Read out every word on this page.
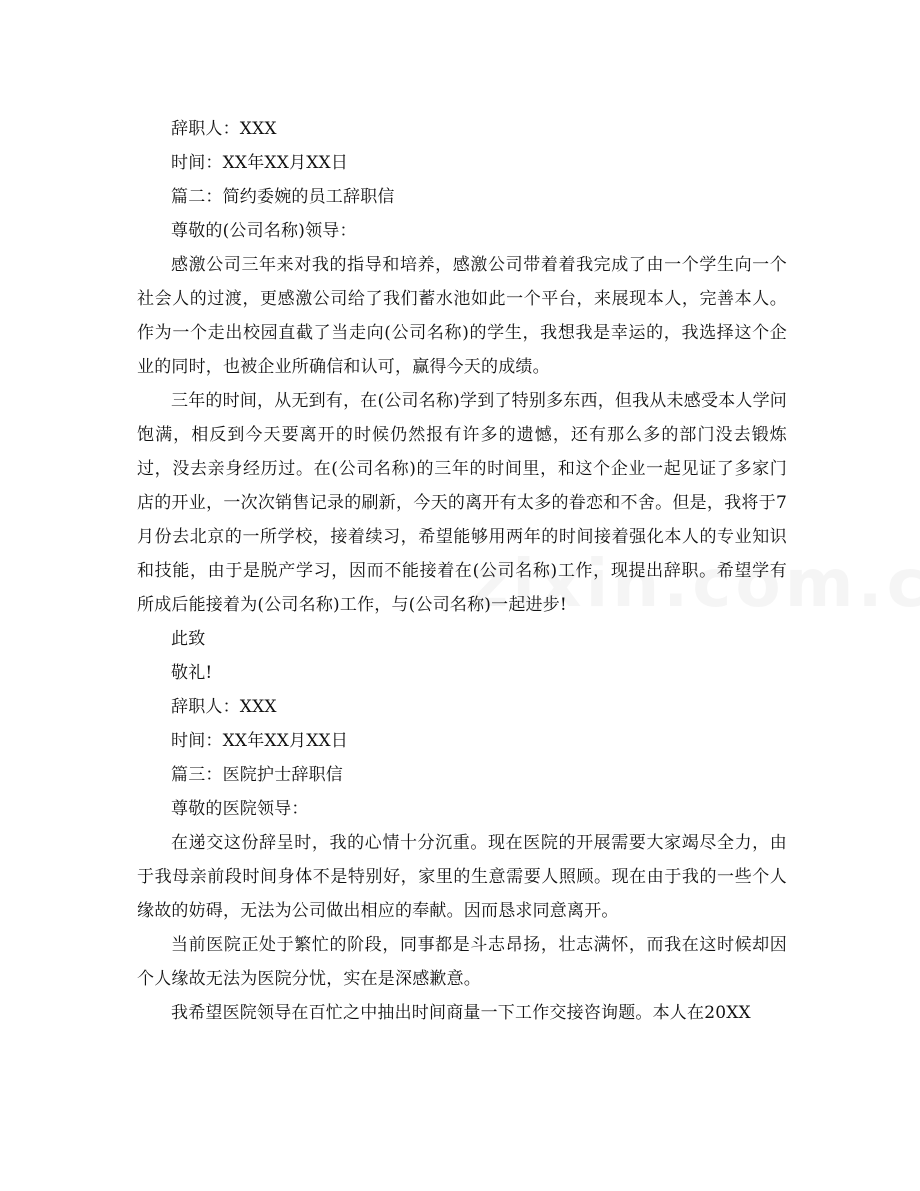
辞职人：XXX
时间：XX年XX月XX日
篇二：简约委婉的员工辞职信
尊敬的(公司名称)领导：

感激公司三年来对我的指导和培养，感激公司带着着我完成了由一个学生向一个社会人的过渡，更感激公司给了我们蓄水池如此一个平台，来展现本人，完善本人。作为一个走出校园直截了当走向(公司名称)的学生，我想我是幸运的，我选择这个企业的同时，也被企业所确信和认可，赢得今天的成绩。

三年的时间，从无到有，在(公司名称)学到了特别多东西，但我从未感受本人学问饱满，相反到今天要离开的时候仍然报有许多的遗憾，还有那么多的部门没去锻炼过，没去亲身经历过。在(公司名称)的三年的时间里，和这个企业一起见证了多家门店的开业，一次次销售记录的刷新，今天的离开有太多的眷恋和不舍。但是，我将于7月份去北京的一所学校，接着续习，希望能够用两年的时间接着强化本人的专业知识和技能，由于是脱产学习，因而不能接着在(公司名称)工作，现提出辞职。希望学有所成后能接着为(公司名称)工作，与(公司名称)一起进步!

此致
敬礼!
辞职人：XXX
时间：XX年XX月XX日
篇三：医院护士辞职信
尊敬的医院领导：

在递交这份辞呈时，我的心情十分沉重。现在医院的开展需要大家竭尽全力，由于我母亲前段时间身体不是特别好，家里的生意需要人照顾。现在由于我的一些个人缘故的妨碍，无法为公司做出相应的奉献。因而恳求同意离开。

当前医院正处于繁忙的阶段，同事都是斗志昂扬，壮志满怀，而我在这时候却因个人缘故无法为医院分忧，实在是深感歉意。

我希望医院领导在百忙之中抽出时间商量一下工作交接咨询题。本人在20XX
